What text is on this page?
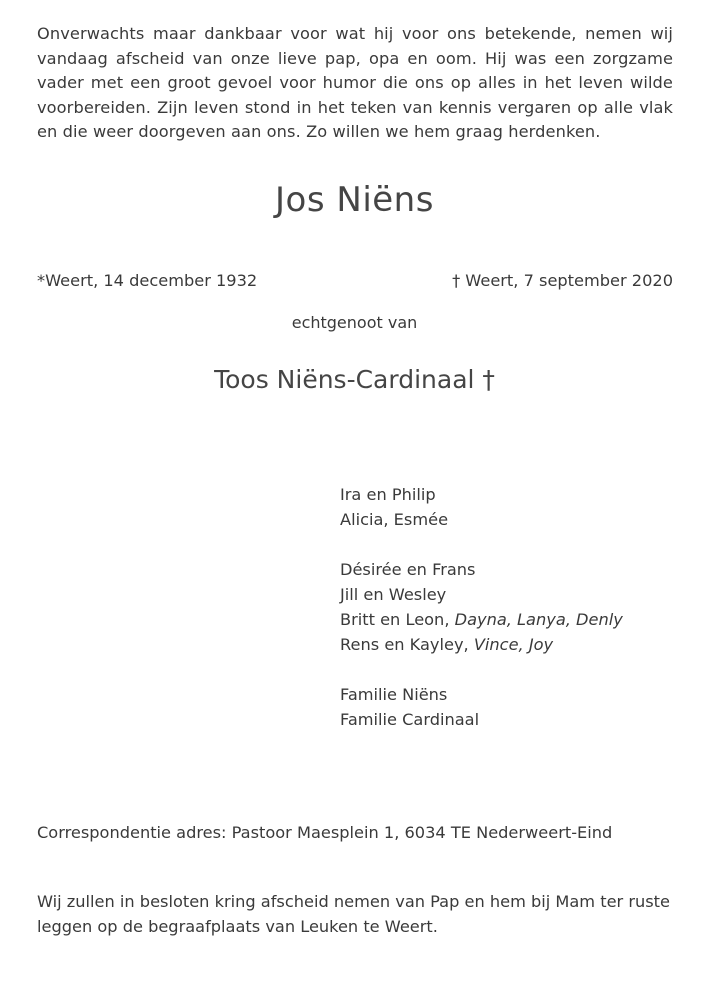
Onverwachts maar dankbaar voor wat hij voor ons betekende, nemen wij vandaag afscheid van onze lieve pap, opa en oom. Hij was een zorgzame vader met een groot gevoel voor humor die ons op alles in het leven wilde voorbereiden. Zijn leven stond in het teken van kennis vergaren op alle vlak en die weer doorgeven aan ons. Zo willen we hem graag herdenken.

Jos Niëns
*Weert, 14 december 1932	† Weert, 7 september 2020
echtgenoot van
Toos Niëns-Cardinaal †
Ira en Philip
Alicia, Esmée
Désirée en Frans
Jill en Wesley
Britt en Leon, Dayna, Lanya, Denly
Rens en Kayley, Vince, Joy
Familie Niëns
Familie Cardinaal
Correspondentie adres: Pastoor Maesplein 1, 6034 TE Nederweert-Eind

Wij zullen in besloten kring afscheid nemen van Pap en hem bij Mam ter ruste leggen op de begraafplaats van Leuken te Weert.
